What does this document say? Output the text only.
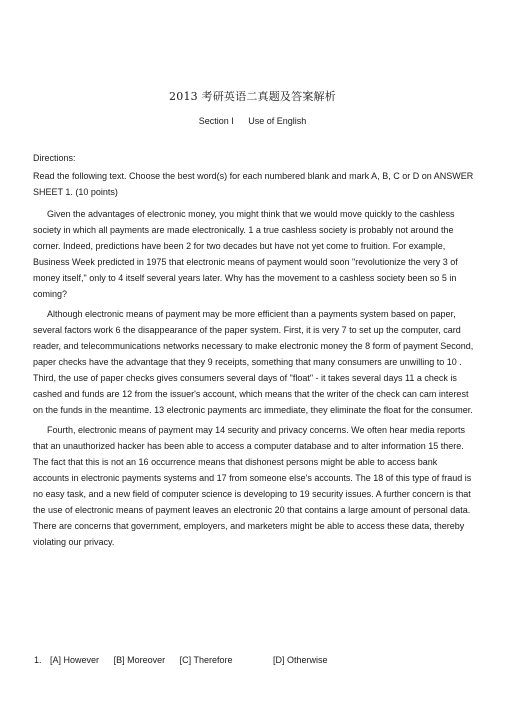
2013 考研英语二真题及答案解析
Section I Use of English

Directions:

Read the following text. Choose the best word(s) for each numbered blank and mark A, B, C or D on ANSWER SHEET 1. (10 points)

Given the advantages of electronic money, you might think that we would move quickly to the cashless society in which all payments are made electronically. 1 a true cashless society is probably not around the corner. Indeed, predictions have been 2 for two decades but have not yet come to fruition. For example, Business Week predicted in 1975 that electronic means of payment would soon "revolutionize the very 3 of money itself," only to 4 itself several years later. Why has the movement to a cashless society been so 5 in coming?

Although electronic means of payment may be more efficient than a payments system based on paper, several factors work 6 the disappearance of the paper system. First, it is very 7 to set up the computer, card reader, and telecommunications networks necessary to make electronic money the 8 form of payment Second, paper checks have the advantage that they 9 receipts, something that many consumers are unwilling to 10 . Third, the use of paper checks gives consumers several days of "float" - it takes several days 11 a check is cashed and funds are 12 from the issuer's account, which means that the writer of the check can cam interest on the funds in the meantime. 13 electronic payments arc immediate, they eliminate the float for the consumer.

Fourth, electronic means of payment may 14 security and privacy concerns. We often hear media reports that an unauthorized hacker has been able to access a computer database and to alter information 15 there. The fact that this is not an 16 occurrence means that dishonest persons might be able to access bank accounts in electronic payments systems and 17 from someone else's accounts. The 18 of this type of fraud is no easy task, and a new field of computer science is developing to 19 security issues. A further concern is that the use of electronic means of payment leaves an electronic 20 that contains a large amount of personal data. There are concerns that government, employers, and marketers might be able to access these data, thereby violating our privacy.

1. [A] However [B] Moreover [C] Therefore	[D] Otherwise
